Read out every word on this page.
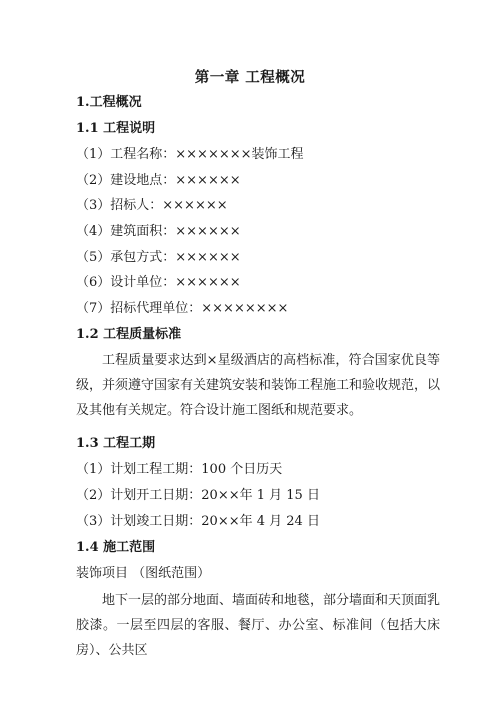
第一章 工程概况
1.工程概况
1.1 工程说明
（1）工程名称：×××××××装饰工程
（2）建设地点：××××××
（3）招标人：××××××
（4）建筑面积：××××××
（5）承包方式：××××××
（6）设计单位：××××××
（7）招标代理单位：××××××××
1.2 工程质量标准
工程质量要求达到×星级酒店的高档标准，符合国家优良等级，并须遵守国家有关建筑安装和装饰工程施工和验收规范，以及其他有关规定。符合设计施工图纸和规范要求。
1.3 工程工期
（1）计划工程工期：100 个日历天
（2）计划开工日期：20××年 1 月 15 日
（3）计划竣工日期：20××年 4 月 24 日
1.4 施工范围
装饰项目 （图纸范围）
地下一层的部分地面、墙面砖和地毯，部分墙面和天顶面乳胶漆。一层至四层的客服、餐厅、办公室、标准间（包括大床房）、公共区
